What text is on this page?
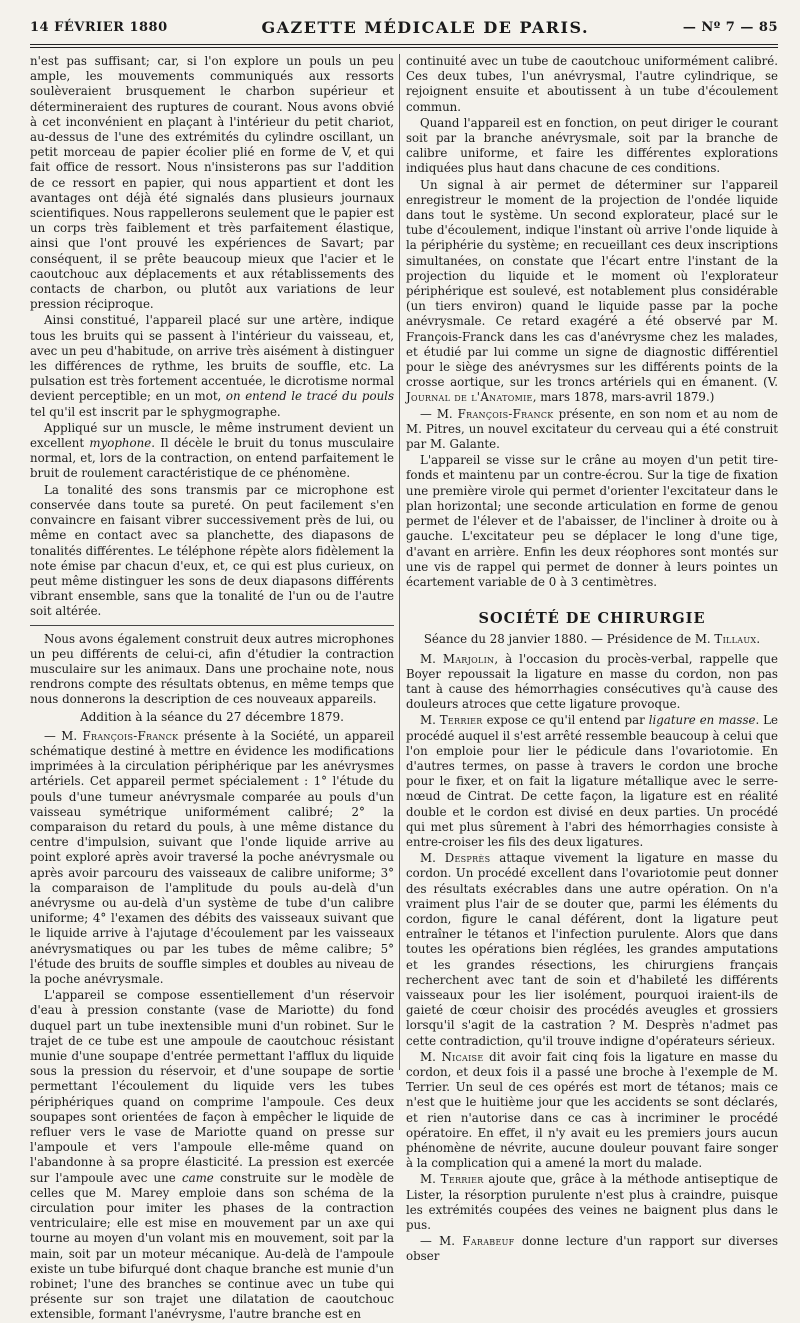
14 FÉVRIER 1880	GAZETTE MÉDICALE DE PARIS.	— Nº 7 — 85

n'est pas suffisant; car, si l'on explore un pouls un peu ample, les mouvements communiqués aux ressorts soulèveraient brusquement le charbon supérieur et détermineraient des ruptures de courant. Nous avons obvié à cet inconvénient en plaçant à l'intérieur du petit chariot, au-dessus de l'une des extrémités du cylindre oscillant, un petit morceau de papier écolier plié en forme de V, et qui fait office de ressort. Nous n'insisterons pas sur l'addition de ce ressort en papier, qui nous appartient et dont les avantages ont déjà été signalés dans plusieurs journaux scientifiques. Nous rappellerons seulement que le papier est un corps très faiblement et très parfaitement élastique, ainsi que l'ont prouvé les expériences de Savart; par conséquent, il se prête beaucoup mieux que l'acier et le caoutchouc aux déplacements et aux rétablissements des contacts de charbon, ou plutôt aux variations de leur pression réciproque.

Ainsi constitué, l'appareil placé sur une artère, indique tous les bruits qui se passent à l'intérieur du vaisseau, et, avec un peu d'habitude, on arrive très aisément à distinguer les différences de rythme, les bruits de souffle, etc. La pulsation est très fortement accentuée, le dicrotisme normal devient perceptible; en un mot, on entend le tracé du pouls tel qu'il est inscrit par le sphygmographe.

Appliqué sur un muscle, le même instrument devient un excellent myophone. Il décèle le bruit du tonus musculaire normal, et, lors de la contraction, on entend parfaitement le bruit de roulement caractéristique de ce phénomène.

La tonalité des sons transmis par ce microphone est conservée dans toute sa pureté. On peut facilement s'en convaincre en faisant vibrer successivement près de lui, ou même en contact avec sa planchette, des diapasons de tonalités différentes. Le téléphone répète alors fidèlement la note émise par chacun d'eux, et, ce qui est plus curieux, on peut même distinguer les sons de deux diapasons différents vibrant ensemble, sans que la tonalité de l'un ou de l'autre soit altérée.

Nous avons également construit deux autres microphones un peu différents de celui-ci, afin d'étudier la contraction musculaire sur les animaux. Dans une prochaine note, nous rendrons compte des résultats obtenus, en même temps que nous donnerons la description de ces nouveaux appareils.

Addition à la séance du 27 décembre 1879.

— M. François-Franck présente à la Société, un appareil schématique destiné à mettre en évidence les modifications imprimées à la circulation périphérique par les anévrysmes artériels. Cet appareil permet spécialement : 1° l'étude du pouls d'une tumeur anévrysmale comparée au pouls d'un vaisseau symétrique uniformément calibré; 2° la comparaison du retard du pouls, à une même distance du centre d'impulsion, suivant que l'onde liquide arrive au point exploré après avoir traversé la poche anévrysmale ou après avoir parcouru des vaisseaux de calibre uniforme; 3° la comparaison de l'amplitude du pouls au-delà d'un anévrysme ou au-delà d'un système de tube d'un calibre uniforme; 4° l'examen des débits des vaisseaux suivant que le liquide arrive à l'ajutage d'écoulement par les vaisseaux anévrysmatiques ou par les tubes de même calibre; 5° l'étude des bruits de souffle simples et doubles au niveau de la poche anévrysmale.

L'appareil se compose essentiellement d'un réservoir d'eau à pression constante (vase de Mariotte) du fond duquel part un tube inextensible muni d'un robinet. Sur le trajet de ce tube est une ampoule de caoutchouc résistant munie d'une soupape d'entrée permettant l'afflux du liquide sous la pression du réservoir, et d'une soupape de sortie permettant l'écoulement du liquide vers les tubes périphériques quand on comprime l'ampoule. Ces deux soupapes sont orientées de façon à empêcher le liquide de refluer vers le vase de Mariotte quand on presse sur l'ampoule et vers l'ampoule elle-même quand on l'abandonne à sa propre élasticité. La pression est exercée sur l'ampoule avec une came construite sur le modèle de celles que M. Marey emploie dans son schéma de la circulation pour imiter les phases de la contraction ventriculaire; elle est mise en mouvement par un axe qui tourne au moyen d'un volant mis en mouvement, soit par la main, soit par un moteur mécanique. Au-delà de l'ampoule existe un tube bifurqué dont chaque branche est munie d'un robinet; l'une des branches se continue avec un tube qui présente sur son trajet une dilatation de caoutchouc extensible, formant l'anévrysme, l'autre branche est en

continuité avec un tube de caoutchouc uniformément calibré. Ces deux tubes, l'un anévrysmal, l'autre cylindrique, se rejoignent ensuite et aboutissent à un tube d'écoulement commun.

Quand l'appareil est en fonction, on peut diriger le courant soit par la branche anévrysmale, soit par la branche de calibre uniforme, et faire les différentes explorations indiquées plus haut dans chacune de ces conditions.

Un signal à air permet de déterminer sur l'appareil enregistreur le moment de la projection de l'ondée liquide dans tout le système. Un second explorateur, placé sur le tube d'écoulement, indique l'instant où arrive l'onde liquide à la périphérie du système; en recueillant ces deux inscriptions simultanées, on constate que l'écart entre l'instant de la projection du liquide et le moment où l'explorateur périphérique est soulevé, est notablement plus considérable (un tiers environ) quand le liquide passe par la poche anévrysmale. Ce retard exagéré a été observé par M. François-Franck dans les cas d'anévrysme chez les malades, et étudié par lui comme un signe de diagnostic différentiel pour le siège des anévrysmes sur les différents points de la crosse aortique, sur les troncs artériels qui en émanent. (V. Journal de l'Anatomie, mars 1878, mars-avril 1879.)

— M. François-Franck présente, en son nom et au nom de M. Pitres, un nouvel excitateur du cerveau qui a été construit par M. Galante.

L'appareil se visse sur le crâne au moyen d'un petit tire-fonds et maintenu par un contre-écrou. Sur la tige de fixation une première virole qui permet d'orienter l'excitateur dans le plan horizontal; une seconde articulation en forme de genou permet de l'élever et de l'abaisser, de l'incliner à droite ou à gauche. L'excitateur peu se déplacer le long d'une tige, d'avant en arrière. Enfin les deux réophores sont montés sur une vis de rappel qui permet de donner à leurs pointes un écartement variable de 0 à 3 centimètres.

SOCIÉTÉ DE CHIRURGIE

Séance du 28 janvier 1880. — Présidence de M. Tillaux.

M. Marjolin, à l'occasion du procès-verbal, rappelle que Boyer repoussait la ligature en masse du cordon, non pas tant à cause des hémorrhagies consécutives qu'à cause des douleurs atroces que cette ligature provoque.

M. Terrier expose ce qu'il entend par ligature en masse. Le procédé auquel il s'est arrêté ressemble beaucoup à celui que l'on emploie pour lier le pédicule dans l'ovariotomie. En d'autres termes, on passe à travers le cordon une broche pour le fixer, et on fait la ligature métallique avec le serre-nœud de Cintrat. De cette façon, la ligature est en réalité double et le cordon est divisé en deux parties. Un procédé qui met plus sûrement à l'abri des hémorrhagies consiste à entre-croiser les fils des deux ligatures.

M. Desprès attaque vivement la ligature en masse du cordon. Un procédé excellent dans l'ovariotomie peut donner des résultats exécrables dans une autre opération. On n'a vraiment plus l'air de se douter que, parmi les éléments du cordon, figure le canal déférent, dont la ligature peut entraîner le tétanos et l'infection purulente. Alors que dans toutes les opérations bien réglées, les grandes amputations et les grandes résections, les chirurgiens français recherchent avec tant de soin et d'habileté les différents vaisseaux pour les lier isolément, pourquoi iraient-ils de gaieté de cœur choisir des procédés aveugles et grossiers lorsqu'il s'agit de la castration ? M. Desprès n'admet pas cette contradiction, qu'il trouve indigne d'opérateurs sérieux.

M. Nicaise dit avoir fait cinq fois la ligature en masse du cordon, et deux fois il a passé une broche à l'exemple de M. Terrier. Un seul de ces opérés est mort de tétanos; mais ce n'est que le huitième jour que les accidents se sont déclarés, et rien n'autorise dans ce cas à incriminer le procédé opératoire. En effet, il n'y avait eu les premiers jours aucun phénomène de névrite, aucune douleur pouvant faire songer à la complication qui a amené la mort du malade.

M. Terrier ajoute que, grâce à la méthode antiseptique de Lister, la résorption purulente n'est plus à craindre, puisque les extrémités coupées des veines ne baignent plus dans le pus.

— M. Farabeuf donne lecture d'un rapport sur diverses obser
